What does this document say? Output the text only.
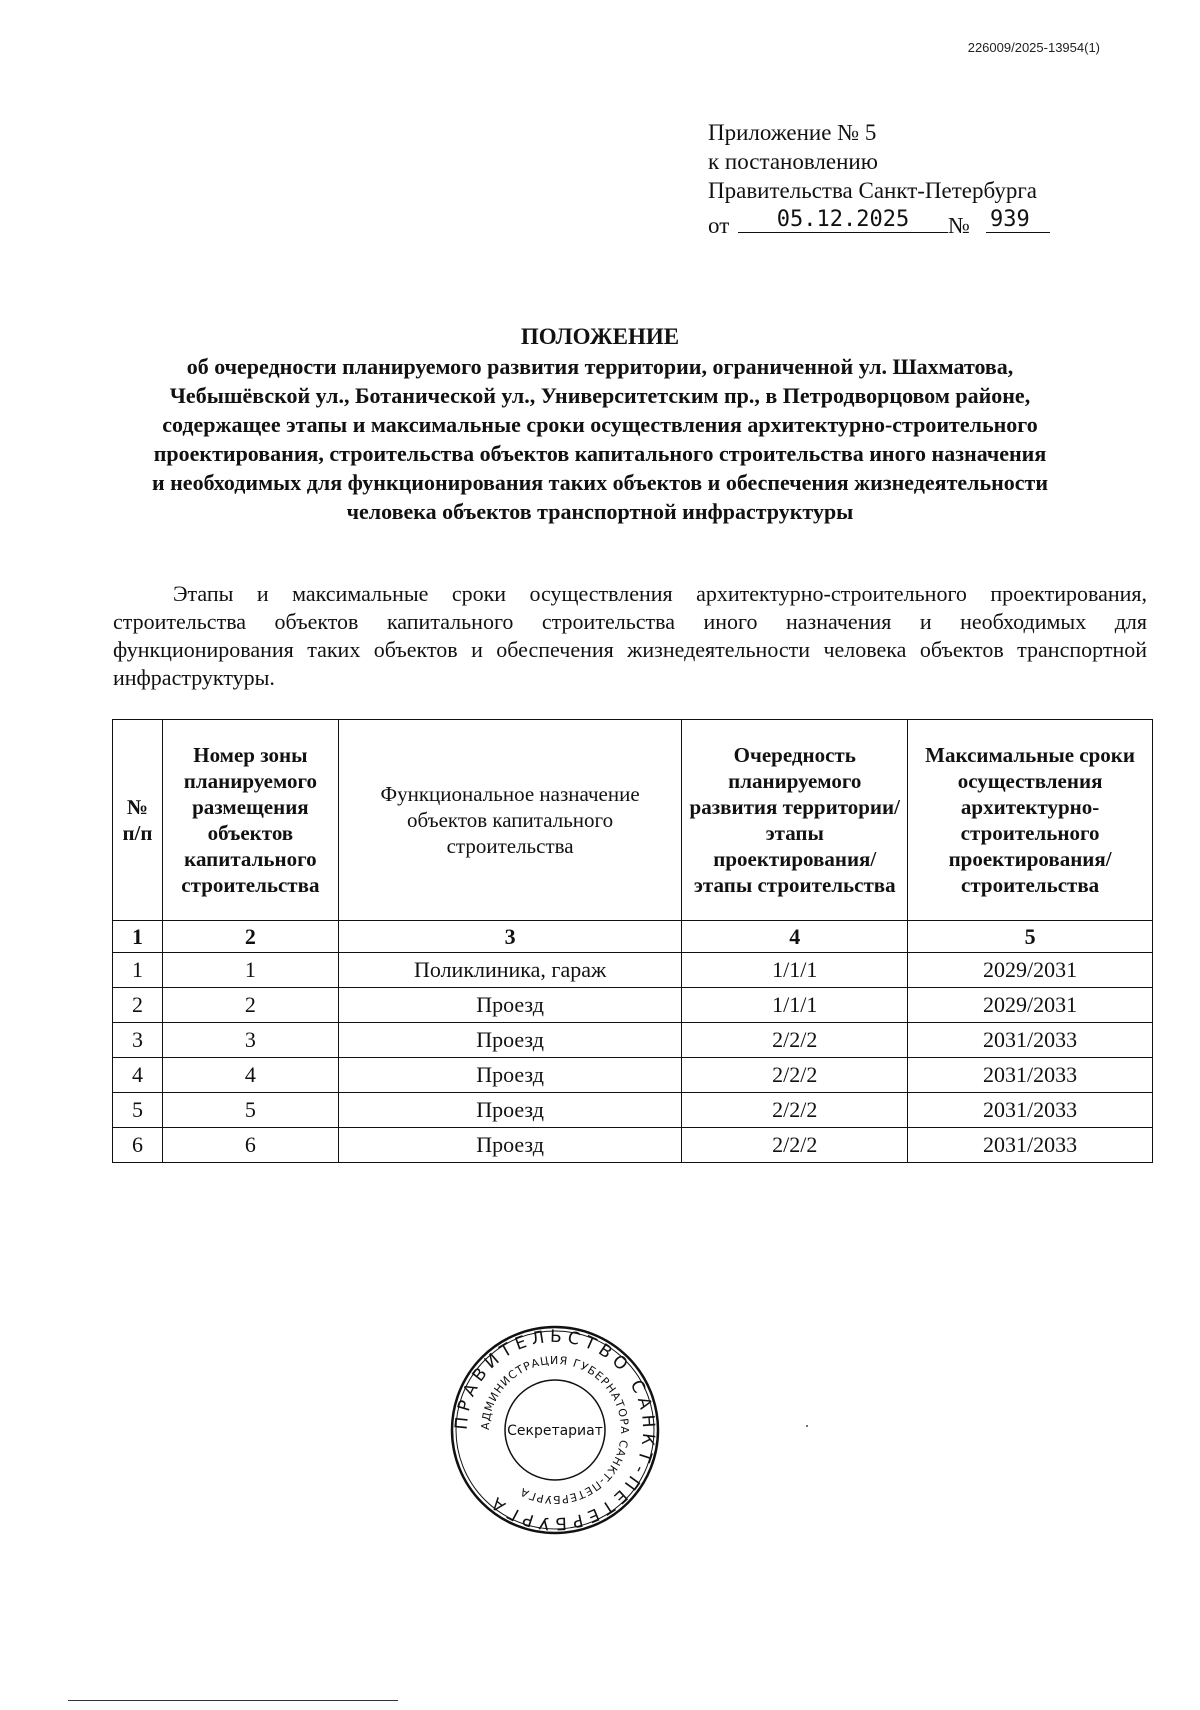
226009/2025-13954(1)
Приложение № 5
к постановлению
Правительства Санкт-Петербурга
от	05.12.2025	№ 939
ПОЛОЖЕНИЕ
об очередности планируемого развития территории, ограниченной ул. Шахматова,
Чебышёвской ул., Ботанической ул., Университетским пр., в Петродворцовом районе,
содержащее этапы и максимальные сроки осуществления архитектурно-строительного
проектирования, строительства объектов капитального строительства иного назначения
и необходимых для функционирования таких объектов и обеспечения жизнедеятельности
человека объектов транспортной инфраструктуры
Этапы и максимальные сроки осуществления архитектурно-строительного проектирования, строительства объектов капитального строительства иного назначения и необходимых для функционирования таких объектов и обеспечения жизнедеятельности человека объектов транспортной инфраструктуры.
№ п/п	Номер зоны планируемого размещения объектов капитального строительства	Функциональное назначение объектов капитального строительства	Очередность планируемого развития территории/этапы проектирования/ этапы строительства	Максимальные сроки осуществления архитектурно-строительного проектирования/ строительства
1	2	3	4	5
1	1	Поликлиника, гараж	1/1/1	2029/2031
2	2	Проезд	1/1/1	2029/2031
3	3	Проезд	2/2/2	2031/2033
4	4	Проезд	2/2/2	2031/2033
5	5	Проезд	2/2/2	2031/2033
6	6	Проезд	2/2/2	2031/2033
ПРАВИТЕЛЬСТВО САНКТ-ПЕТЕРБУРГА
АДМИНИСТРАЦИЯ ГУБЕРНАТОРА САНКТ-ПЕТЕРБУРГА
Секретариат
